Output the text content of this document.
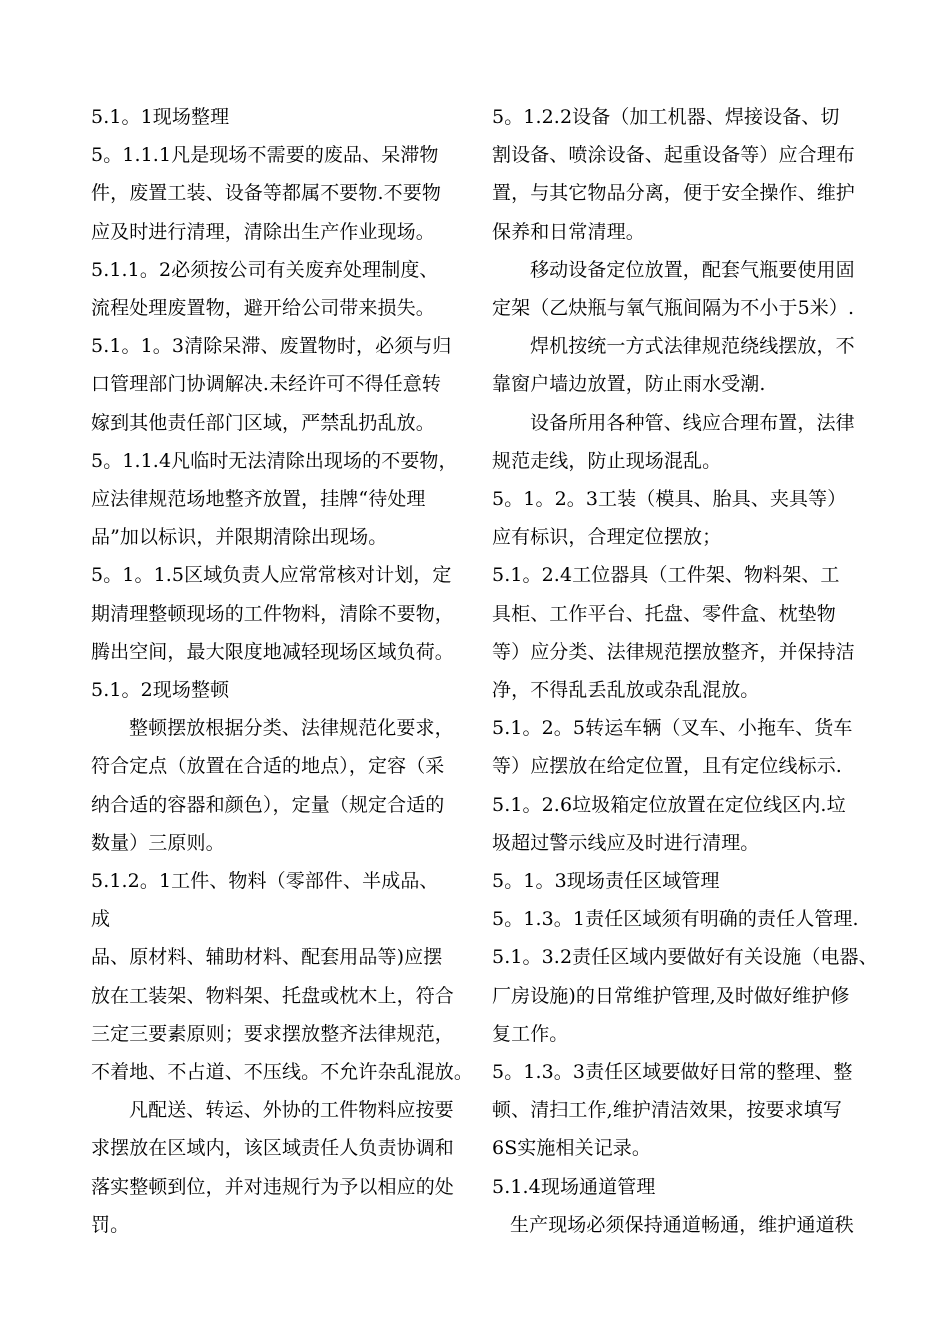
5.1。1现场整理

5。1.1.1凡是现场不需要的废品、呆滞物

件，废置工装、设备等都属不要物.不要物

应及时进行清理，清除出生产作业现场。

5.1.1。2必须按公司有关废弃处理制度、

流程处理废置物，避开给公司带来损失。

5.1。1。3清除呆滞、废置物时，必须与归

口管理部门协调解决.未经许可不得任意转

嫁到其他责任部门区域，严禁乱扔乱放。

5。1.1.4凡临时无法清除出现场的不要物，

应法律规范场地整齐放置，挂牌“待处理

品”加以标识，并限期清除出现场。

5。1。1.5区域负责人应常常核对计划，定

期清理整顿现场的工件物料，清除不要物，

腾出空间，最大限度地减轻现场区域负荷。

5.1。2现场整顿

整顿摆放根据分类、法律规范化要求，

符合定点（放置在合适的地点），定容（采

纳合适的容器和颜色），定量（规定合适的

数量）三原则。

5.1.2。1工件、物料（零部件、半成品、

成

品、原材料、辅助材料、配套用品等)应摆

放在工装架、物料架、托盘或枕木上，符合

三定三要素原则；要求摆放整齐法律规范，

不着地、不占道、不压线。不允许杂乱混放。

凡配送、转运、外协的工件物料应按要

求摆放在区域内，该区域责任人负责协调和

落实整顿到位，并对违规行为予以相应的处

罚。

5。1.2.2设备（加工机器、焊接设备、切

割设备、喷涂设备、起重设备等）应合理布

置，与其它物品分离，便于安全操作、维护

保养和日常清理。

移动设备定位放置，配套气瓶要使用固

定架（乙炔瓶与氧气瓶间隔为不小于5米）.

焊机按统一方式法律规范绕线摆放，不

靠窗户墙边放置，防止雨水受潮.

设备所用各种管、线应合理布置，法律

规范走线，防止现场混乱。

5。1。2。3工装（模具、胎具、夹具等）

应有标识，合理定位摆放；

5.1。2.4工位器具（工件架、物料架、工

具柜、工作平台、托盘、零件盒、枕垫物

等）应分类、法律规范摆放整齐，并保持洁

净，不得乱丢乱放或杂乱混放。

5.1。2。5转运车辆（叉车、小拖车、货车

等）应摆放在给定位置，且有定位线标示.

5.1。2.6垃圾箱定位放置在定位线区内.垃

圾超过警示线应及时进行清理。

5。1。3现场责任区域管理

5。1.3。1责任区域须有明确的责任人管理.

5.1。3.2责任区域内要做好有关设施（电器、

厂房设施)的日常维护管理,及时做好维护修

复工作。

5。1.3。3责任区域要做好日常的整理、整

顿、清扫工作,维护清洁效果，按要求填写

6S实施相关记录。

5.1.4现场通道管理

生产现场必须保持通道畅通，维护通道秩
